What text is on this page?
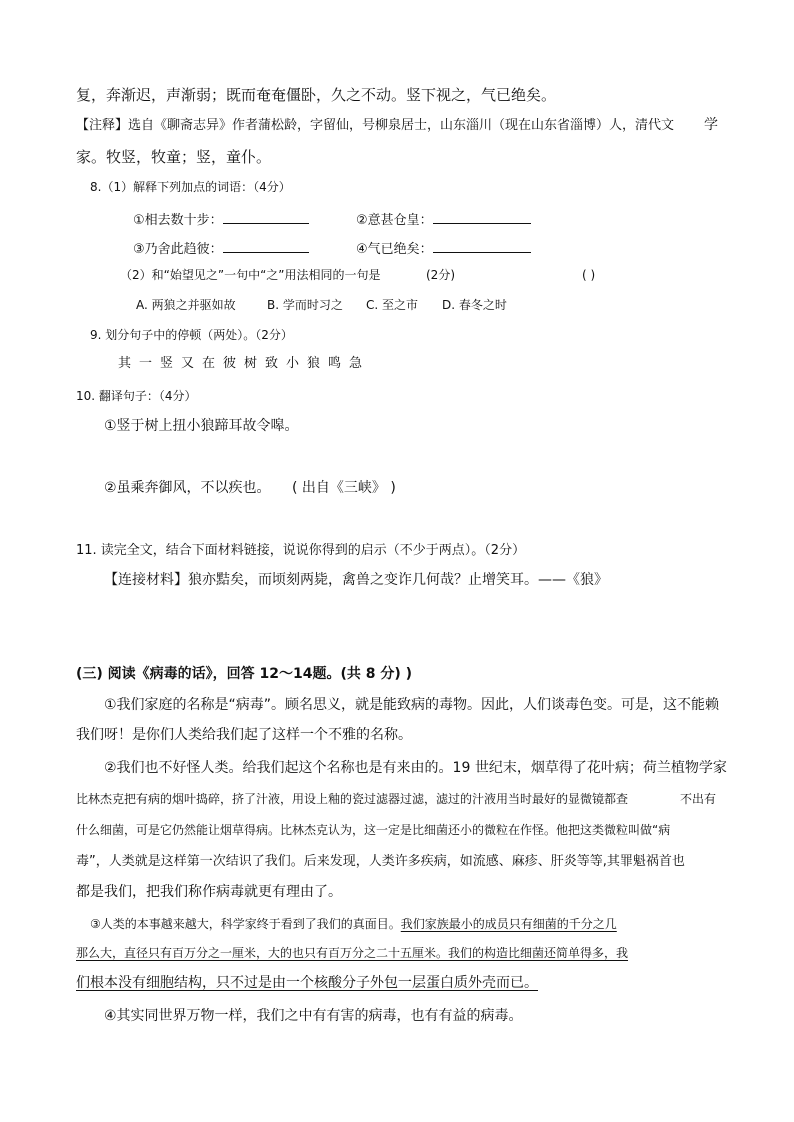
复，奔渐迟，声渐弱；既而奄奄僵卧，久之不动。竖下视之，气已绝矣。
【注释】选自《聊斋志异》作者蒲松龄，字留仙，号柳泉居士，山东淄川（现在山东省淄博）人，清代文 学
家。牧竖，牧童；竖，童仆。
8.（1）解释下列加点的词语：（4分）
①相去数十步：	②意甚仓皇：
③乃舍此趋彼：	④气已绝矣：
（2）和“始望见之”一句中“之”用法相同的一句是	(2分)	( )
A. 两狼之并驱如故	B. 学而时习之 C. 至之市 D. 春冬之时
9. 划分句子中的停顿（两处）。（2分）
其一竖又在彼树致小狼鸣急
10. 翻译句子：（4分）
①竖于树上扭小狼蹄耳故令嗥。
②虽乘奔御风，不以疾也。 ( 出自《三峡》 )
11. 读完全文，结合下面材料链接，说说你得到的启示（不少于两点）。（2分）
【连接材料】狼亦黠矣，而顷刻两毙，禽兽之变诈几何哉？止增笑耳。——《狼》
(三) 阅读《病毒的话》，回答 12～14题。(共 8 分) )
①我们家庭的名称是“病毒”。顾名思义，就是能致病的毒物。因此，人们谈毒色变。可是，这不能赖
我们呀！是你们人类给我们起了这样一个不雅的名称。
②我们也不好怪人类。给我们起这个名称也是有来由的。19 世纪末，烟草得了花叶病；荷兰植物学家
比林杰克把有病的烟叶捣碎，挤了汁液，用设上釉的瓷过滤器过滤，滤过的汁液用当时最好的显微镜都查	不出有
什么细菌，可是它仍然能让烟草得病。比林杰克认为，这一定是比细菌还小的微粒在作怪。他把这类微粒叫做“病
毒”，人类就是这样第一次结识了我们。后来发现，人类许多疾病，如流感、麻疹、肝炎等等,其罪魁祸首也
都是我们，把我们称作病毒就更有理由了。
③人类的本事越来越大，科学家终于看到了我们的真面目。我们家族最小的成员只有细菌的千分之几
那么大，直径只有百万分之一厘米，大的也只有百万分之二十五厘米。我们的构造比细菌还简单得多，我
们根本没有细胞结构，只不过是由一个核酸分子外包一层蛋白质外壳而已。
④其实同世界万物一样，我们之中有有害的病毒，也有有益的病毒。
